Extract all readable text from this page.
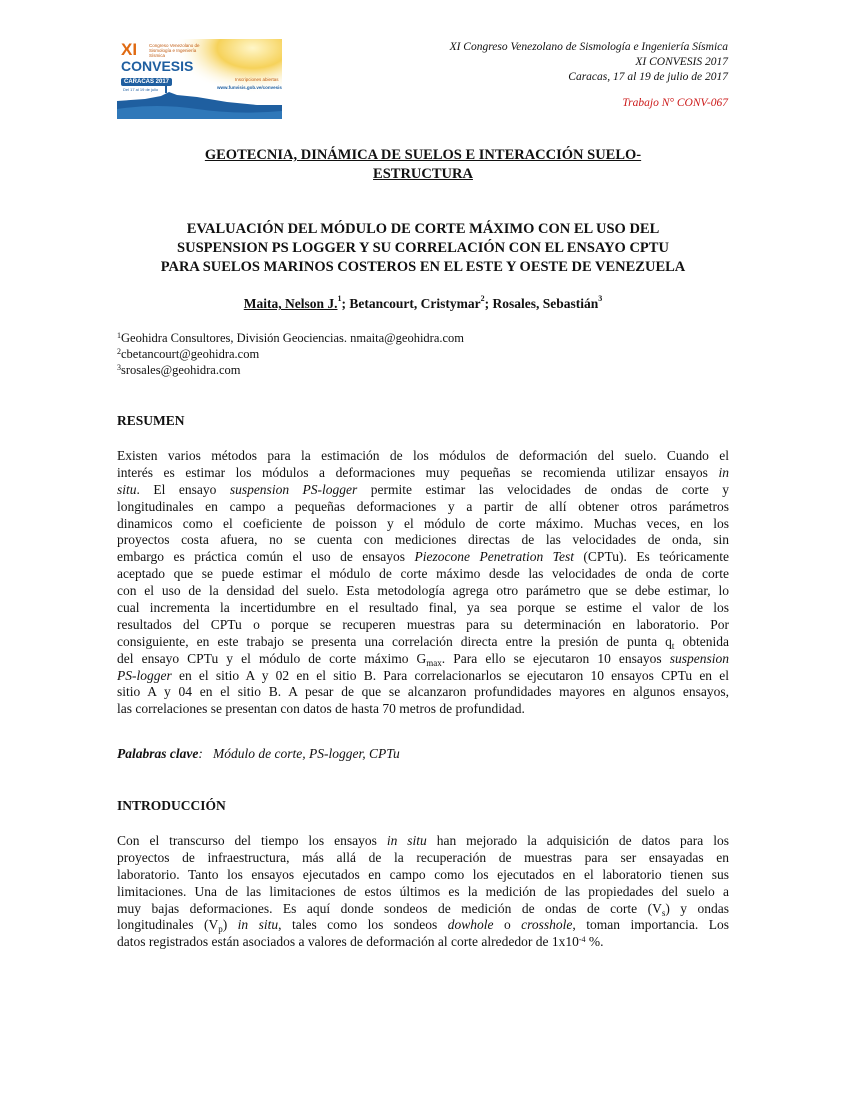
XI	Congreso Venezolano de Sismología e Ingeniería Sísmica
CONVESIS
CARACAS 2017
Del 17 al 19 de julio
Inscripciones abiertas
www.funvisis.gob.ve/convesis
XI Congreso Venezolano de Sismología e Ingeniería Sísmica
XI CONVESIS 2017
Caracas, 17 al 19 de julio de 2017
Trabajo N° CONV-067
GEOTECNIA, DINÁMICA DE SUELOS E INTERACCIÓN SUELO-
ESTRUCTURA
EVALUACIÓN DEL MÓDULO DE CORTE MÁXIMO CON EL USO DEL
SUSPENSION PS LOGGER Y SU CORRELACIÓN CON EL ENSAYO CPTU
PARA SUELOS MARINOS COSTEROS EN EL ESTE Y OESTE DE VENEZUELA
Maita, Nelson J.$^1$; Betancourt, Cristymar$^2$; Rosales, Sebastián$^3$
$^1$Geohidra Consultores, División Geociencias. nmaita@geohidra.com
$^2$cbetancourt@geohidra.com
$^3$srosales@geohidra.com
RESUMEN
Existen varios métodos para la estimación de los módulos de deformación del suelo. Cuando el
interés es estimar los módulos a deformaciones muy pequeñas se recomienda utilizar ensayos in
situ. El ensayo suspension PS-logger permite estimar las velocidades de ondas de corte y
longitudinales en campo a pequeñas deformaciones y a partir de allí obtener otros parámetros
dinamicos como el coeficiente de poisson y el módulo de corte máximo. Muchas veces, en los
proyectos costa afuera, no se cuenta con mediciones directas de las velocidades de onda, sin
embargo es práctica común el uso de ensayos Piezocone Penetration Test (CPTu). Es teóricamente
aceptado que se puede estimar el módulo de corte máximo desde las velocidades de onda de corte
con el uso de la densidad del suelo. Esta metodología agrega otro parámetro que se debe estimar, lo
cual incrementa la incertidumbre en el resultado final, ya sea porque se estime el valor de los
resultados del CPTu o porque se recuperen muestras para su determinación en laboratorio. Por
consiguiente, en este trabajo se presenta una correlación directa entre la presión de punta $q_t$ obtenida
del ensayo CPTu y el módulo de corte máximo $G_{max}$. Para ello se ejecutaron 10 ensayos suspension
PS-logger en el sitio A y 02 en el sitio B. Para correlacionarlos se ejecutaron 10 ensayos CPTu en el
sitio A y 04 en el sitio B. A pesar de que se alcanzaron profundidades mayores en algunos ensayos,
las correlaciones se presentan con datos de hasta 70 metros de profundidad.
Palabras clave: Módulo de corte, PS-logger, CPTu
INTRODUCCIÓN
Con el transcurso del tiempo los ensayos in situ han mejorado la adquisición de datos para los
proyectos de infraestructura, más allá de la recuperación de muestras para ser ensayadas en
laboratorio. Tanto los ensayos ejecutados en campo como los ejecutados en el laboratorio tienen sus
limitaciones. Una de las limitaciones de estos últimos es la medición de las propiedades del suelo a
muy bajas deformaciones. Es aquí donde sondeos de medición de ondas de corte $(V_s)$ y ondas
longitudinales $(V_p)$ in situ, tales como los sondeos dowhole o crosshole, toman importancia. Los
datos registrados están asociados a valores de deformación al corte alrededor de $1x10^{-4}$ %.
